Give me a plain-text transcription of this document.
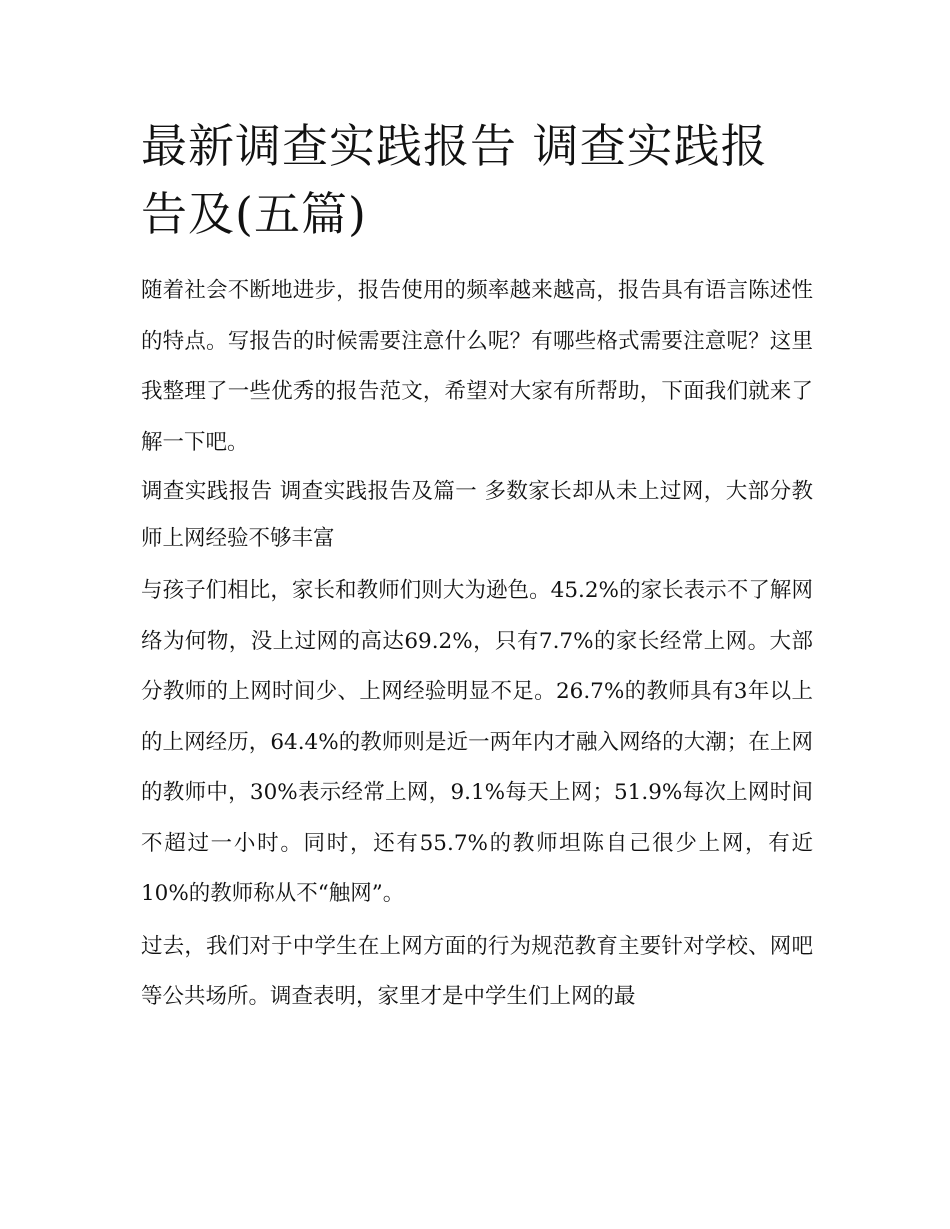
最新调查实践报告 调查实践报告及(五篇)

随着社会不断地进步，报告使用的频率越来越高，报告具有语言陈述性的特点。写报告的时候需要注意什么呢？有哪些格式需要注意呢？这里我整理了一些优秀的报告范文，希望对大家有所帮助，下面我们就来了解一下吧。

调查实践报告 调查实践报告及篇一 多数家长却从未上过网，大部分教师上网经验不够丰富

与孩子们相比，家长和教师们则大为逊色。45.2%的家长表示不了解网络为何物，没上过网的高达69.2%，只有7.7%的家长经常上网。大部分教师的上网时间少、上网经验明显不足。26.7%的教师具有3年以上的上网经历，64.4%的教师则是近一两年内才融入网络的大潮；在上网的教师中，30%表示经常上网，9.1%每天上网；51.9%每次上网时间不超过一小时。同时，还有55.7%的教师坦陈自己很少上网，有近10%的教师称从不“触网”。

过去，我们对于中学生在上网方面的行为规范教育主要针对学校、网吧等公共场所。调查表明，家里才是中学生们上网的最
